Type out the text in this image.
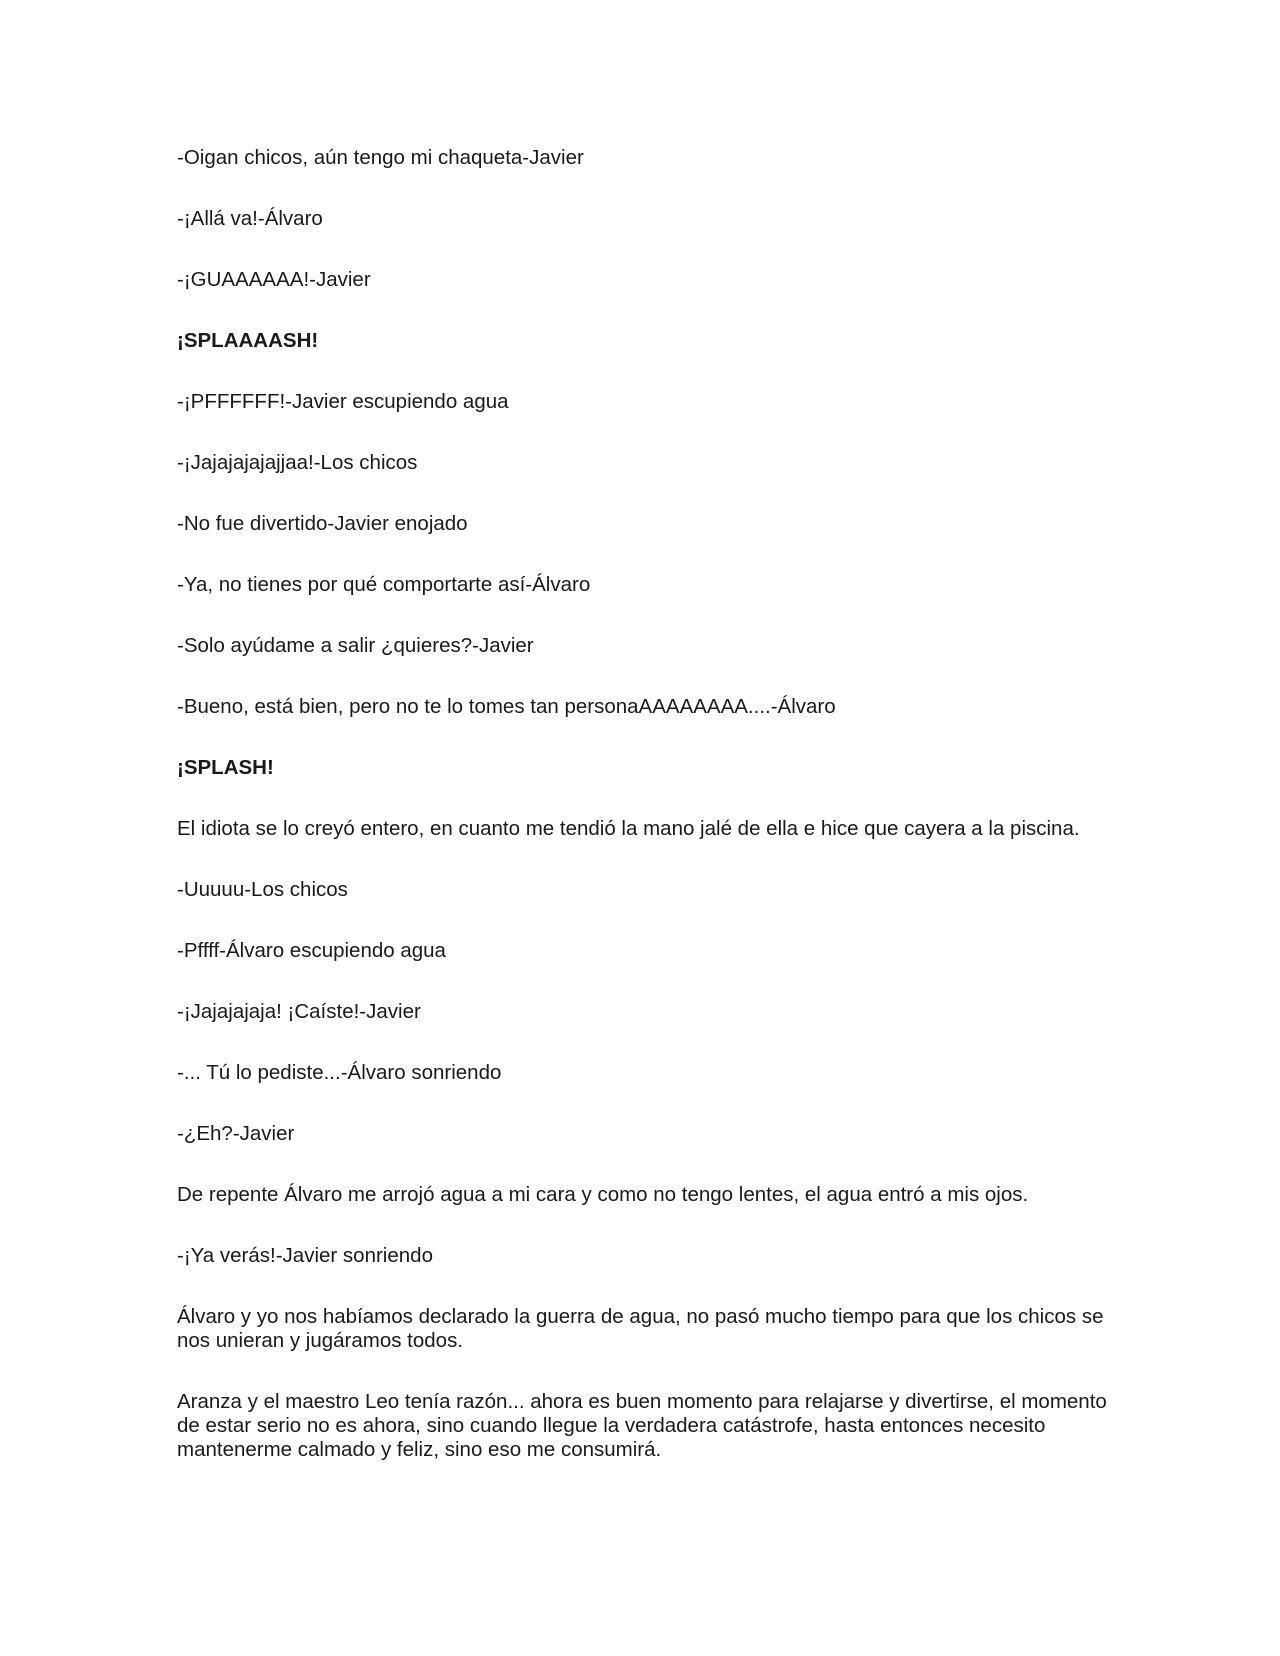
-Oigan chicos, aún tengo mi chaqueta-Javier

-¡Allá va!-Álvaro

-¡GUAAAAAA!-Javier

¡SPLAAAASH!

-¡PFFFFFF!-Javier escupiendo agua

-¡Jajajajajajjaa!-Los chicos

-No fue divertido-Javier enojado

-Ya, no tienes por qué comportarte así-Álvaro

-Solo ayúdame a salir ¿quieres?-Javier

-Bueno, está bien, pero no te lo tomes tan personaAAAAAAAA....-Álvaro

¡SPLASH!

El idiota se lo creyó entero, en cuanto me tendió la mano jalé de ella e hice que cayera a la piscina.

-Uuuuu-Los chicos

-Pffff-Álvaro escupiendo agua

-¡Jajajajaja! ¡Caíste!-Javier

-... Tú lo pediste...-Álvaro sonriendo

-¿Eh?-Javier

De repente Álvaro me arrojó agua a mi cara y como no tengo lentes, el agua entró a mis ojos.

-¡Ya verás!-Javier sonriendo

Álvaro y yo nos habíamos declarado la guerra de agua, no pasó mucho tiempo para que los chicos se nos unieran y jugáramos todos.

Aranza y el maestro Leo tenía razón... ahora es buen momento para relajarse y divertirse, el momento de estar serio no es ahora, sino cuando llegue la verdadera catástrofe, hasta entonces necesito mantenerme calmado y feliz, sino eso me consumirá.
